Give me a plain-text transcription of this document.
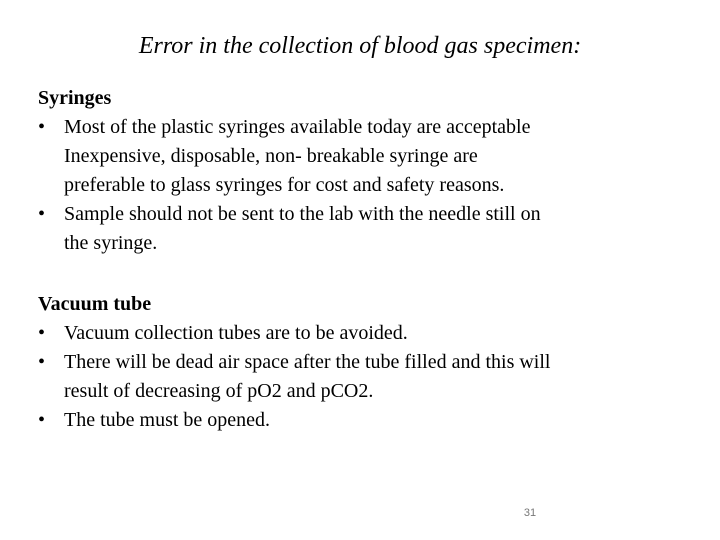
Error in the collection of blood gas specimen:
Syringes
• Most of the plastic syringes available today are acceptable
Inexpensive, disposable, non- breakable syringe are
preferable to glass syringes for cost and safety reasons.
• Sample should not be sent to the lab with the needle still on
the syringe.
Vacuum tube
• Vacuum collection tubes are to be avoided.
• There will be dead air space after the tube filled and this will
result of decreasing of pO2 and pCO2.
• The tube must be opened.
31
